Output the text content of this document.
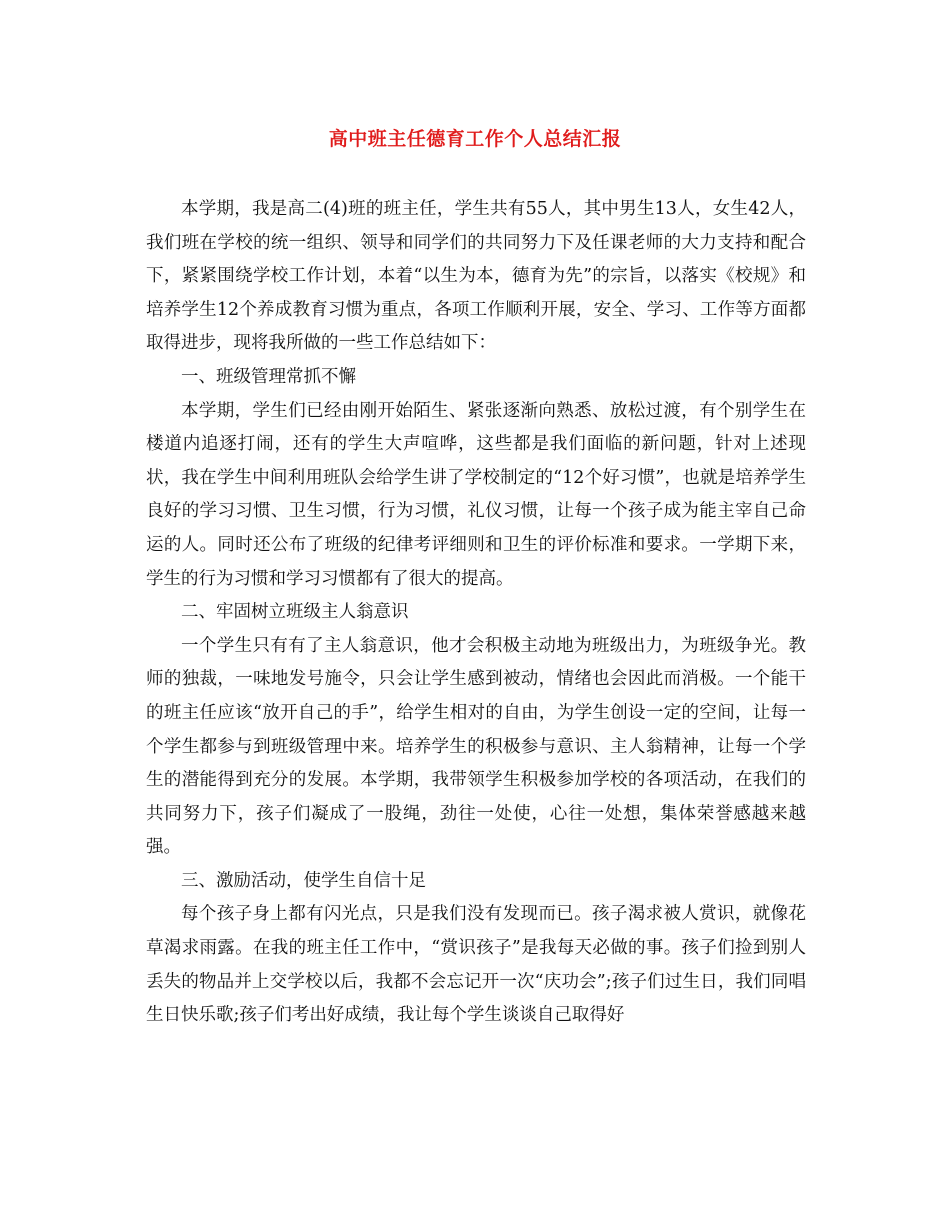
高中班主任德育工作个人总结汇报

本学期，我是高二(4)班的班主任，学生共有55人，其中男生13人，女生42人，我们班在学校的统一组织、领导和同学们的共同努力下及任课老师的大力支持和配合下，紧紧围绕学校工作计划，本着“以生为本，德育为先”的宗旨，以落实《校规》和培养学生12个养成教育习惯为重点，各项工作顺利开展，安全、学习、工作等方面都取得进步，现将我所做的一些工作总结如下：

一、班级管理常抓不懈

本学期，学生们已经由刚开始陌生、紧张逐渐向熟悉、放松过渡，有个别学生在楼道内追逐打闹，还有的学生大声喧哗，这些都是我们面临的新问题，针对上述现状，我在学生中间利用班队会给学生讲了学校制定的“12个好习惯”，也就是培养学生良好的学习习惯、卫生习惯，行为习惯，礼仪习惯，让每一个孩子成为能主宰自己命运的人。同时还公布了班级的纪律考评细则和卫生的评价标准和要求。一学期下来，学生的行为习惯和学习习惯都有了很大的提高。

二、牢固树立班级主人翁意识

一个学生只有有了主人翁意识，他才会积极主动地为班级出力，为班级争光。教师的独裁，一味地发号施令，只会让学生感到被动，情绪也会因此而消极。一个能干的班主任应该“放开自己的手”，给学生相对的自由，为学生创设一定的空间，让每一个学生都参与到班级管理中来。培养学生的积极参与意识、主人翁精神，让每一个学生的潜能得到充分的发展。本学期，我带领学生积极参加学校的各项活动，在我们的共同努力下，孩子们凝成了一股绳，劲往一处使，心往一处想，集体荣誉感越来越强。

三、激励活动，使学生自信十足

每个孩子身上都有闪光点，只是我们没有发现而已。孩子渴求被人赏识，就像花草渴求雨露。在我的班主任工作中，“赏识孩子”是我每天必做的事。孩子们捡到别人丢失的物品并上交学校以后，我都不会忘记开一次“庆功会”;孩子们过生日，我们同唱生日快乐歌;孩子们考出好成绩，我让每个学生谈谈自己取得好
